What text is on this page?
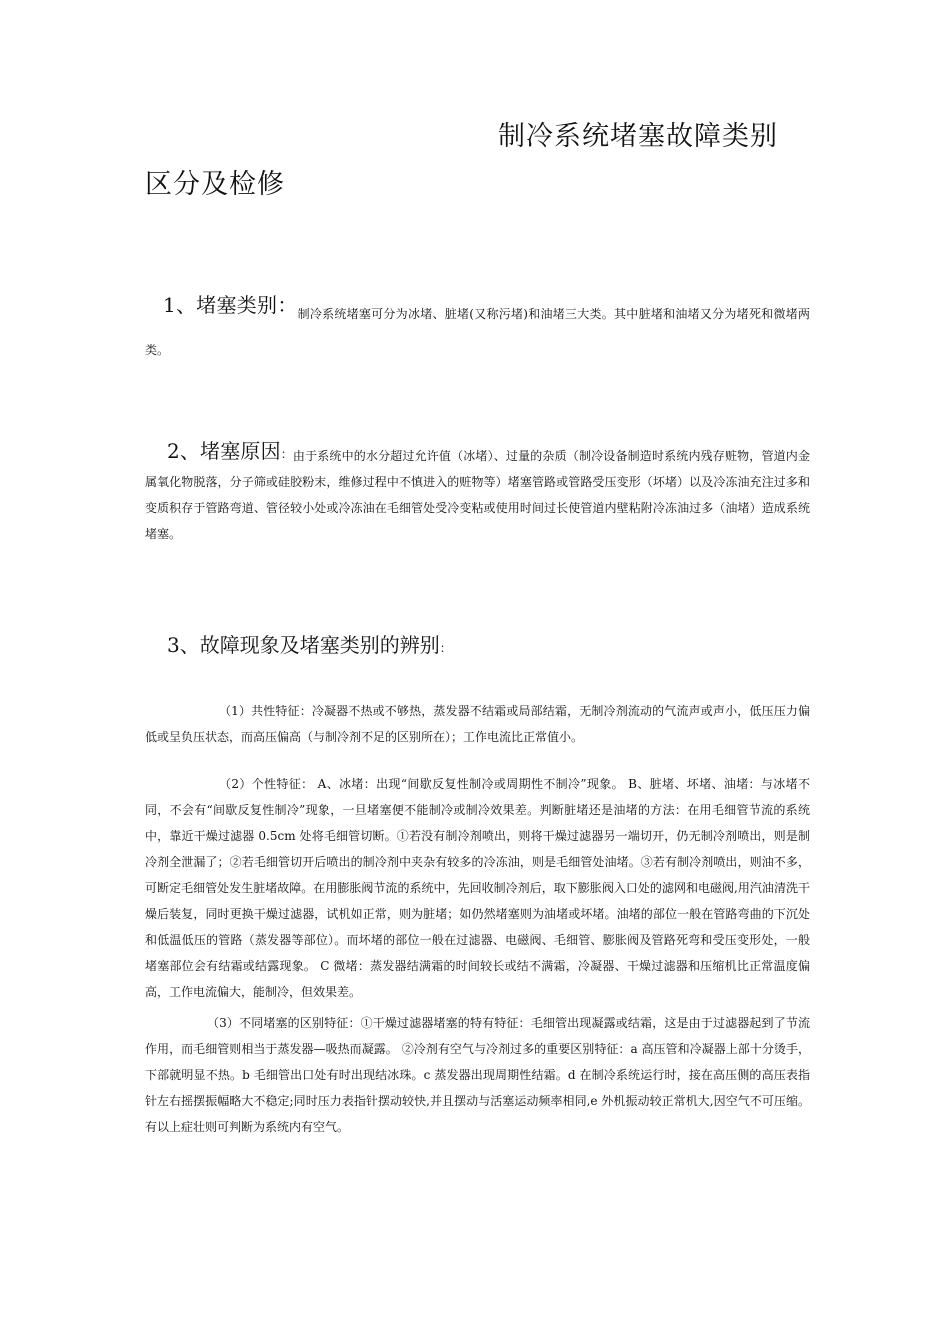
制冷系统堵塞故障类别
区分及检修
1、堵塞类别：制冷系统堵塞可分为冰堵、脏堵(又称污堵)和油堵三大类。其中脏堵和油堵又分为堵死和微堵两类。
2、堵塞原因：由于系统中的水分超过允许值（冰堵）、过量的杂质（制冷设备制造时系统内残存赃物，管道内金属氧化物脱落，分子筛或硅胶粉末，维修过程中不慎进入的赃物等）堵塞管路或管路受压变形（坏堵）以及冷冻油充注过多和变质积存于管路弯道、管径较小处或冷冻油在毛细管处受冷变粘或使用时间过长使管道内壁粘附冷冻油过多（油堵）造成系统堵塞。
3、故障现象及堵塞类别的辨别：
（1）共性特征：冷凝器不热或不够热，蒸发器不结霜或局部结霜，无制冷剂流动的气流声或声小，低压压力偏低或呈负压状态，而高压偏高（与制冷剂不足的区别所在）；工作电流比正常值小。
（2）个性特征： A、冰堵：出现“间歇反复性制冷或周期性不制冷”现象。 B、脏堵、坏堵、油堵：与冰堵不同，不会有“间歇反复性制冷”现象，一旦堵塞便不能制冷或制冷效果差。判断脏堵还是油堵的方法：在用毛细管节流的系统中，靠近干燥过滤器 0.5cm 处将毛细管切断。①若没有制冷剂喷出，则将干燥过滤器另一端切开，仍无制冷剂喷出，则是制冷剂全泄漏了；②若毛细管切开后喷出的制冷剂中夹杂有较多的冷冻油，则是毛细管处油堵。③若有制冷剂喷出，则油不多，可断定毛细管处发生脏堵故障。在用膨胀阀节流的系统中，先回收制冷剂后，取下膨胀阀入口处的滤网和电磁阀,用汽油清洗干燥后装复，同时更换干燥过滤器，试机如正常，则为脏堵；如仍然堵塞则为油堵或坏堵。油堵的部位一般在管路弯曲的下沉处和低温低压的管路（蒸发器等部位）。而坏堵的部位一般在过滤器、电磁阀、毛细管、膨胀阀及管路死弯和受压变形处，一般堵塞部位会有结霜或结露现象。 C 微堵：蒸发器结满霜的时间较长或结不满霜，冷凝器、干燥过滤器和压缩机比正常温度偏高，工作电流偏大，能制冷，但效果差。
（3）不同堵塞的区别特征：①干燥过滤器堵塞的特有特征：毛细管出现凝露或结霜，这是由于过滤器起到了节流作用，而毛细管则相当于蒸发器—吸热而凝露。 ②冷剂有空气与冷剂过多的重要区别特征：a 高压管和冷凝器上部十分烫手，下部就明显不热。b 毛细管出口处有时出现结冰珠。c 蒸发器出现周期性结霜。d 在制冷系统运行时，接在高压侧的高压表指针左右摇摆振幅略大不稳定;同时压力表指针摆动较快,并且摆动与活塞运动频率相同,e 外机振动较正常机大,因空气不可压缩。有以上症壮则可判断为系统内有空气。
